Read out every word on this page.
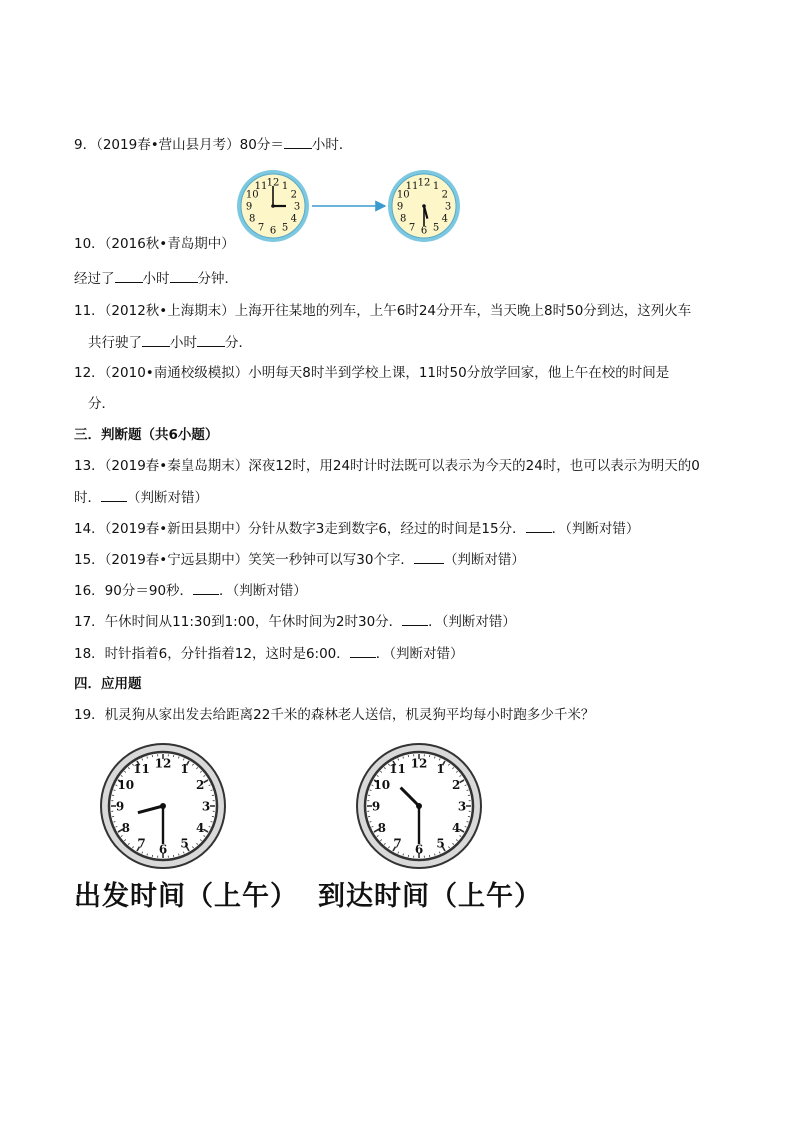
9．（2019春•营山县月考）80分＝ 小时．
12 1
2
3
4
5
6
7
8
9
10
11	12 1
2
3
4
5
6
7
8
9
10
11
12 1
2
3
4
5
6
7
8
9
10
11	12 1
2
3
4
5
6
7
8
9
10
11
10．（2016秋•青岛期中）
经过了 小时 分钟．
11．（2012秋•上海期末）上海开往某地的列车，上午6时24分开车，当天晚上8时50分到达，这列火车
共行驶了 小时 分．
12．（2010•南通校级模拟）小明每天8时半到学校上课，11时50分放学回家，他上午在校的时间是
分．
三．判断题（共6小题）
13．（2019春•秦皇岛期末）深夜12时，用24时计时法既可以表示为今天的24时，也可以表示为明天的0
时． （判断对错）
14．（2019春•新田县期中）分针从数字3走到数字6，经过的时间是15分． ．（判断对错）
15．（2019春•宁远县期中）笑笑一秒钟可以写30个字． （判断对错）
16．90分＝90秒． ．（判断对错）
17．午休时间从11:30到1:00，午休时间为2时30分． ．（判断对错）
18．时针指着6，分针指着12，这时是6:00． ．（判断对错）
四．应用题
19．机灵狗从家出发去给距离22千米的森林老人送信，机灵狗平均每小时跑多少千米？
出发时间（上午） 到达时间（上午）
